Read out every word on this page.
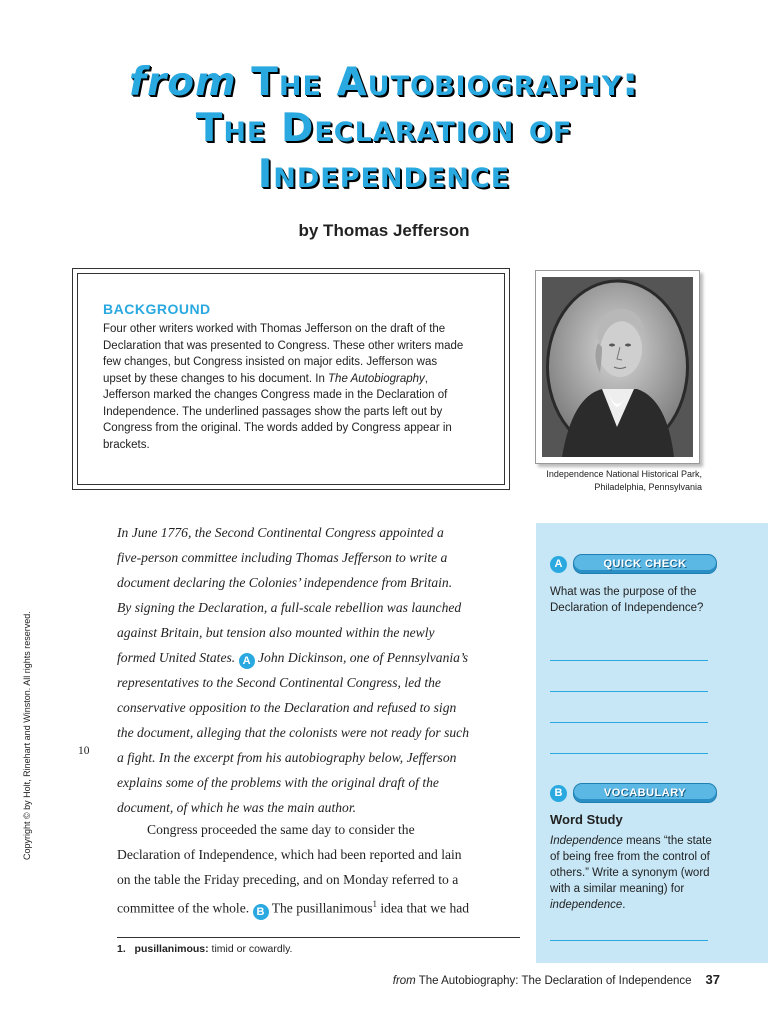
from The Autobiography:
The Declaration of
Independence
by Thomas Jefferson
BACKGROUND
Four other writers worked with Thomas Jefferson on the draft of the Declaration that was presented to Congress. These other writers made few changes, but Congress insisted on major edits. Jefferson was upset by these changes to his document. In The Autobiography, Jefferson marked the changes Congress made in the Declaration of Independence. The underlined passages show the parts left out by Congress from the original. The words added by Congress appear in brackets.
Independence National Historical Park,
Philadelphia, Pennsylvania
Copyright © by Holt, Rinehart and Winston. All rights reserved.
In June 1776, the Second Continental Congress appointed a
five-person committee including Thomas Jefferson to write a
document declaring the Colonies’ independence from Britain.
By signing the Declaration, a full-scale rebellion was launched
against Britain, but tension also mounted within the newly
formed United States. A John Dickinson, one of Pennsylvania’s
representatives to the Second Continental Congress, led the
conservative opposition to the Declaration and refused to sign
the document, alleging that the colonists were not ready for such
a fight. In the excerpt from his autobiography below, Jefferson
explains some of the problems with the original draft of the
document, of which he was the main author.
10
Congress proceeded the same day to consider the
Declaration of Independence, which had been reported and lain
on the table the Friday preceding, and on Monday referred to a
committee of the whole. B The pusillanimous$^1$ idea that we had
A	QUICK CHECK
What was the purpose of the Declaration of Independence?
B	VOCABULARY
Word Study
Independence means “the state of being free from the control of others.” Write a synonym (word with a similar meaning) for independence.
1. pusillanimous: timid or cowardly.
from The Autobiography: The Declaration of Independence 37
